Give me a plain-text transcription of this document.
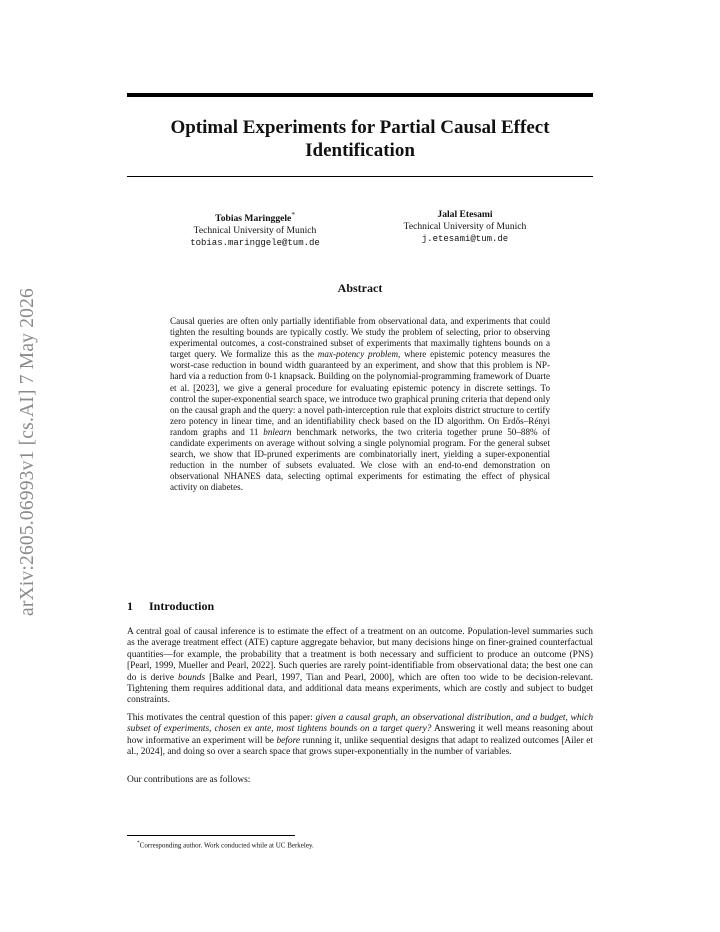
arXiv:2605.06993v1 [cs.AI] 7 May 2026
Optimal Experiments for Partial Causal Effect Identification
Tobias Maringgele*
Technical University of Munich
tobias.maringgele@tum.de
Jalal Etesami
Technical University of Munich
j.etesami@tum.de
Abstract

Causal queries are often only partially identifiable from observational data, and experiments that could tighten the resulting bounds are typically costly. We study the problem of selecting, prior to observing experimental outcomes, a cost-constrained subset of experiments that maximally tightens bounds on a target query. We formalize this as the max-potency problem, where epistemic potency measures the worst-case reduction in bound width guaranteed by an experiment, and show that this problem is NP-hard via a reduction from 0-1 knapsack. Building on the polynomial-programming framework of Duarte et al. [2023], we give a general procedure for evaluating epistemic potency in discrete settings. To control the super-exponential search space, we introduce two graphical pruning criteria that depend only on the causal graph and the query: a novel path-interception rule that exploits district structure to certify zero potency in linear time, and an identifiability check based on the ID algorithm. On Erdős–Rényi random graphs and 11 bnlearn benchmark networks, the two criteria together prune 50–88% of candidate experiments on average without solving a single polynomial program. For the general subset search, we show that ID-pruned experiments are combinatorially inert, yielding a super-exponential reduction in the number of subsets evaluated. We close with an end-to-end demonstration on observational NHANES data, selecting optimal experiments for estimating the effect of physical activity on diabetes.

1 Introduction

A central goal of causal inference is to estimate the effect of a treatment on an outcome. Population-level summaries such as the average treatment effect (ATE) capture aggregate behavior, but many decisions hinge on finer-grained counterfactual quantities—for example, the probability that a treatment is both necessary and sufficient to produce an outcome (PNS) [Pearl, 1999, Mueller and Pearl, 2022]. Such queries are rarely point-identifiable from observational data; the best one can do is derive bounds [Balke and Pearl, 1997, Tian and Pearl, 2000], which are often too wide to be decision-relevant. Tightening them requires additional data, and additional data means experiments, which are costly and subject to budget constraints.

This motivates the central question of this paper: given a causal graph, an observational distribution, and a budget, which subset of experiments, chosen ex ante, most tightens bounds on a target query? Answering it well means reasoning about how informative an experiment will be before running it, unlike sequential designs that adapt to realized outcomes [Ailer et al., 2024], and doing so over a search space that grows super-exponentially in the number of variables.

Our contributions are as follows:

*Corresponding author. Work conducted while at UC Berkeley.
